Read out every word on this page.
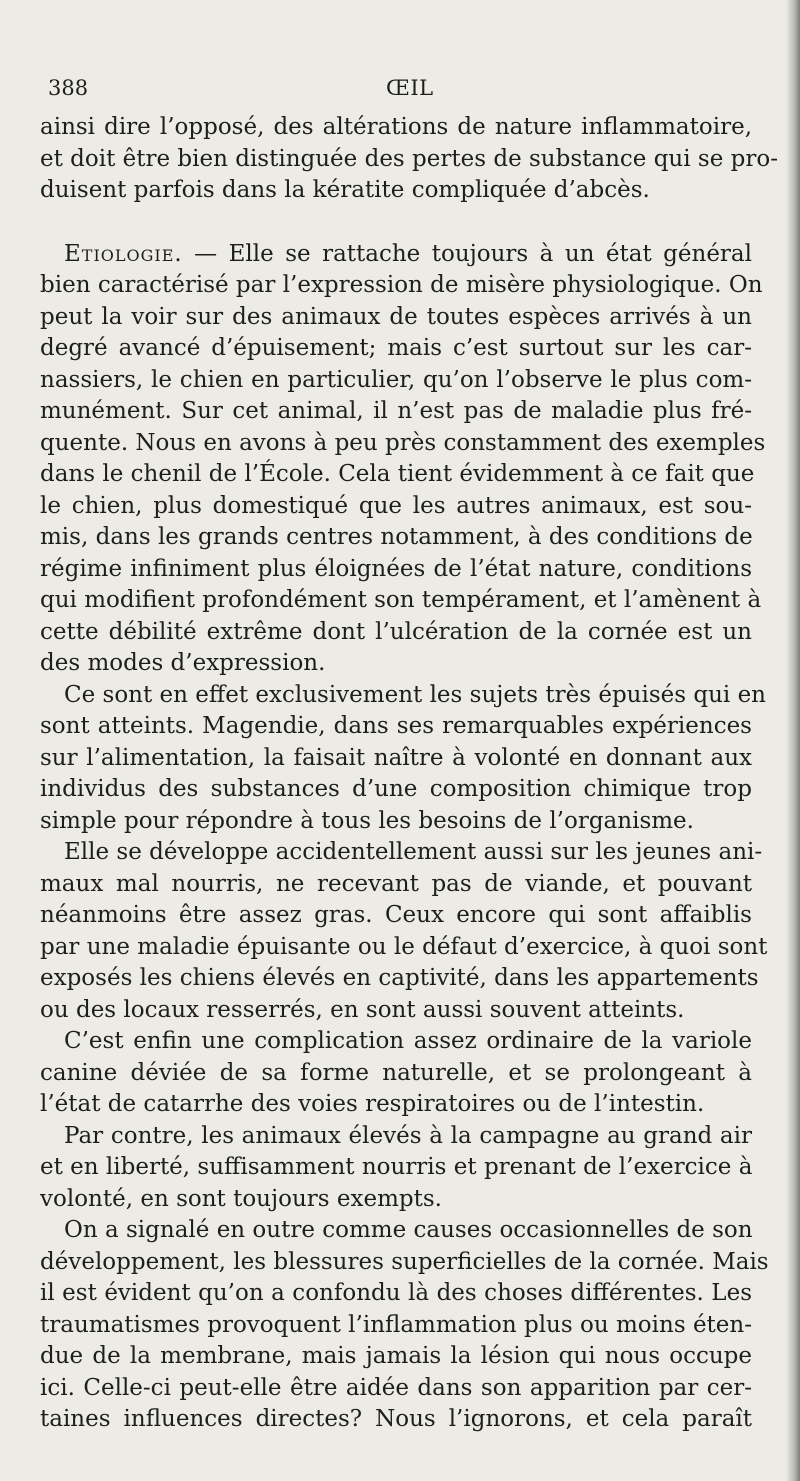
388	ŒIL
ainsi dire l’opposé, des altérations de nature inflammatoire,
et doit être bien distinguée des pertes de substance qui se pro-
duisent parfois dans la kératite compliquée d’abcès.
Etiologie. — Elle se rattache toujours à un état général
bien caractérisé par l’expression de misère physiologique. On
peut la voir sur des animaux de toutes espèces arrivés à un
degré avancé d’épuisement; mais c’est surtout sur les car-
nassiers, le chien en particulier, qu’on l’observe le plus com-
munément. Sur cet animal, il n’est pas de maladie plus fré-
quente. Nous en avons à peu près constamment des exemples
dans le chenil de l’École. Cela tient évidemment à ce fait que
le chien, plus domestiqué que les autres animaux, est sou-
mis, dans les grands centres notamment, à des conditions de
régime infiniment plus éloignées de l’état nature, conditions
qui modifient profondément son tempérament, et l’amènent à
cette débilité extrême dont l’ulcération de la cornée est un
des modes d’expression.
Ce sont en effet exclusivement les sujets très épuisés qui en
sont atteints. Magendie, dans ses remarquables expériences
sur l’alimentation, la faisait naître à volonté en donnant aux
individus des substances d’une composition chimique trop
simple pour répondre à tous les besoins de l’organisme.
Elle se développe accidentellement aussi sur les jeunes ani-
maux mal nourris, ne recevant pas de viande, et pouvant
néanmoins être assez gras. Ceux encore qui sont affaiblis
par une maladie épuisante ou le défaut d’exercice, à quoi sont
exposés les chiens élevés en captivité, dans les appartements
ou des locaux resserrés, en sont aussi souvent atteints.
C’est enfin une complication assez ordinaire de la variole
canine déviée de sa forme naturelle, et se prolongeant à
l’état de catarrhe des voies respiratoires ou de l’intestin.
Par contre, les animaux élevés à la campagne au grand air
et en liberté, suffisamment nourris et prenant de l’exercice à
volonté, en sont toujours exempts.
On a signalé en outre comme causes occasionnelles de son
développement, les blessures superficielles de la cornée. Mais
il est évident qu’on a confondu là des choses différentes. Les
traumatismes provoquent l’inflammation plus ou moins éten-
due de la membrane, mais jamais la lésion qui nous occupe
ici. Celle-ci peut-elle être aidée dans son apparition par cer-
taines influences directes? Nous l’ignorons, et cela paraît
